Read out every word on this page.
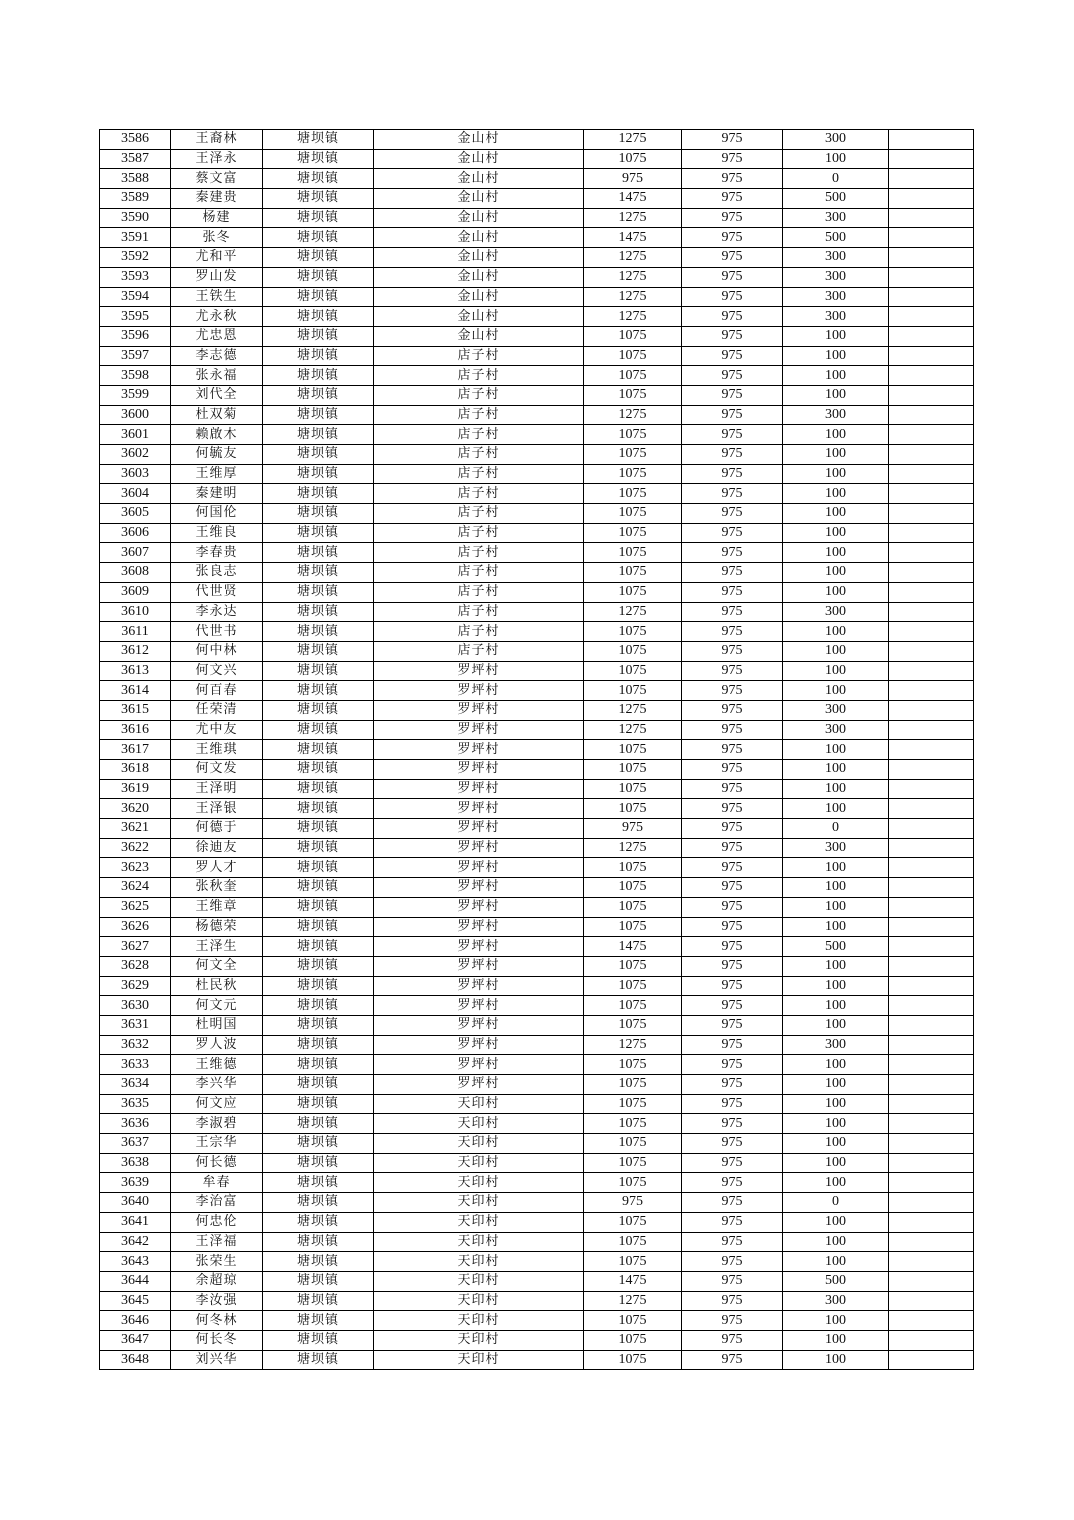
3586	王裔林	塘坝镇	金山村	1275	975	300	
3587	王泽永	塘坝镇	金山村	1075	975	100	
3588	蔡文富	塘坝镇	金山村	975	975	0	
3589	秦建贵	塘坝镇	金山村	1475	975	500	
3590	杨建	塘坝镇	金山村	1275	975	300	
3591	张冬	塘坝镇	金山村	1475	975	500	
3592	尤和平	塘坝镇	金山村	1275	975	300	
3593	罗山发	塘坝镇	金山村	1275	975	300	
3594	王铁生	塘坝镇	金山村	1275	975	300	
3595	尤永秋	塘坝镇	金山村	1275	975	300	
3596	尤忠恩	塘坝镇	金山村	1075	975	100	
3597	李志德	塘坝镇	店子村	1075	975	100	
3598	张永福	塘坝镇	店子村	1075	975	100	
3599	刘代全	塘坝镇	店子村	1075	975	100	
3600	杜双菊	塘坝镇	店子村	1275	975	300	
3601	赖啟木	塘坝镇	店子村	1075	975	100	
3602	何毓友	塘坝镇	店子村	1075	975	100	
3603	王维厚	塘坝镇	店子村	1075	975	100	
3604	秦建明	塘坝镇	店子村	1075	975	100	
3605	何国伦	塘坝镇	店子村	1075	975	100	
3606	王维良	塘坝镇	店子村	1075	975	100	
3607	李春贵	塘坝镇	店子村	1075	975	100	
3608	张良志	塘坝镇	店子村	1075	975	100	
3609	代世贤	塘坝镇	店子村	1075	975	100	
3610	李永达	塘坝镇	店子村	1275	975	300	
3611	代世书	塘坝镇	店子村	1075	975	100	
3612	何中林	塘坝镇	店子村	1075	975	100	
3613	何文兴	塘坝镇	罗坪村	1075	975	100	
3614	何百春	塘坝镇	罗坪村	1075	975	100	
3615	任荣清	塘坝镇	罗坪村	1275	975	300	
3616	尤中友	塘坝镇	罗坪村	1275	975	300	
3617	王维琪	塘坝镇	罗坪村	1075	975	100	
3618	何文发	塘坝镇	罗坪村	1075	975	100	
3619	王泽明	塘坝镇	罗坪村	1075	975	100	
3620	王泽银	塘坝镇	罗坪村	1075	975	100	
3621	何德于	塘坝镇	罗坪村	975	975	0	
3622	徐迪友	塘坝镇	罗坪村	1275	975	300	
3623	罗人才	塘坝镇	罗坪村	1075	975	100	
3624	张秋奎	塘坝镇	罗坪村	1075	975	100	
3625	王维章	塘坝镇	罗坪村	1075	975	100	
3626	杨德荣	塘坝镇	罗坪村	1075	975	100	
3627	王泽生	塘坝镇	罗坪村	1475	975	500	
3628	何文全	塘坝镇	罗坪村	1075	975	100	
3629	杜民秋	塘坝镇	罗坪村	1075	975	100	
3630	何文元	塘坝镇	罗坪村	1075	975	100	
3631	杜明国	塘坝镇	罗坪村	1075	975	100	
3632	罗人波	塘坝镇	罗坪村	1275	975	300	
3633	王维德	塘坝镇	罗坪村	1075	975	100	
3634	李兴华	塘坝镇	罗坪村	1075	975	100	
3635	何文应	塘坝镇	天印村	1075	975	100	
3636	李淑碧	塘坝镇	天印村	1075	975	100	
3637	王宗华	塘坝镇	天印村	1075	975	100	
3638	何长德	塘坝镇	天印村	1075	975	100	
3639	牟春	塘坝镇	天印村	1075	975	100	
3640	李治富	塘坝镇	天印村	975	975	0	
3641	何忠伦	塘坝镇	天印村	1075	975	100	
3642	王泽福	塘坝镇	天印村	1075	975	100	
3643	张荣生	塘坝镇	天印村	1075	975	100	
3644	余超琼	塘坝镇	天印村	1475	975	500	
3645	李汝强	塘坝镇	天印村	1275	975	300	
3646	何冬林	塘坝镇	天印村	1075	975	100	
3647	何长冬	塘坝镇	天印村	1075	975	100	
3648	刘兴华	塘坝镇	天印村	1075	975	100	
